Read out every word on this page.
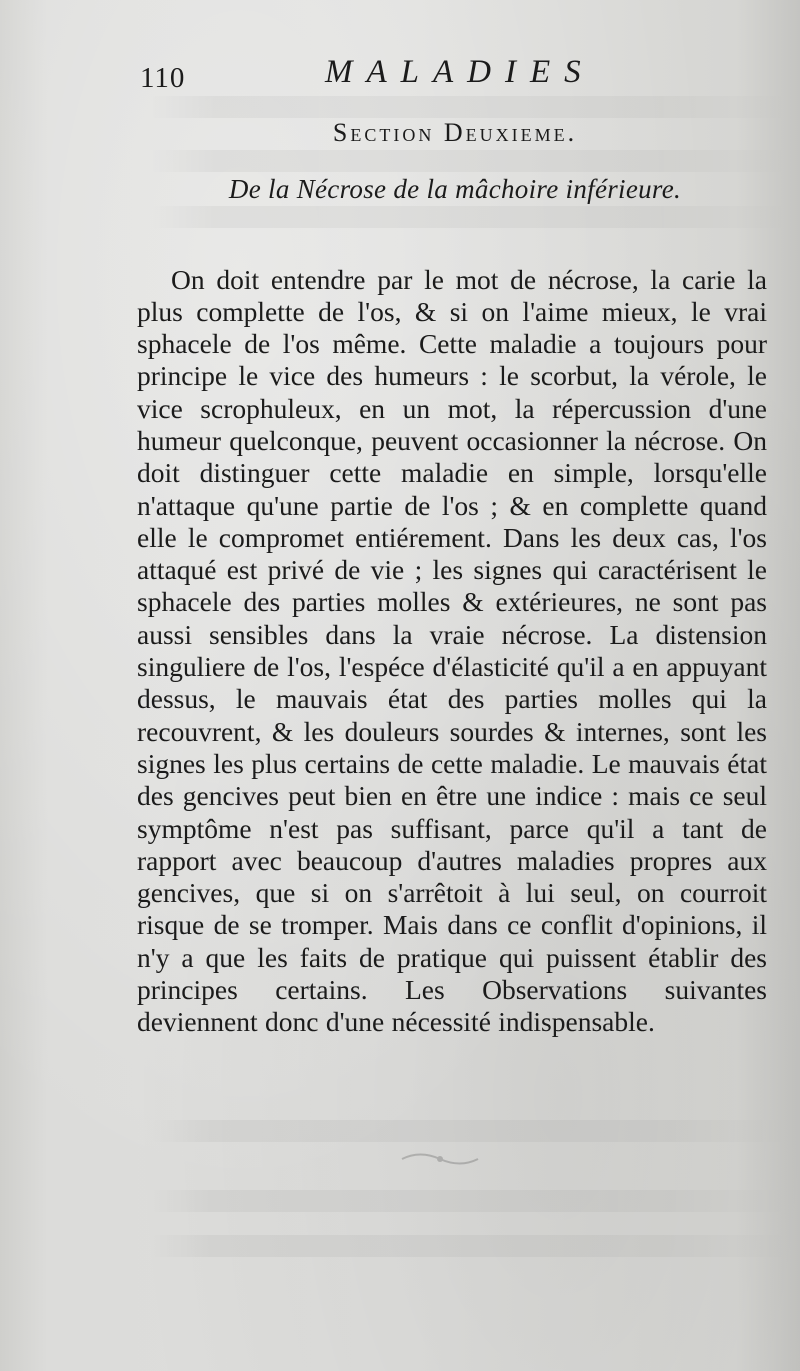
110	MALADIES
Section Deuxieme.
De la Nécrose de la mâchoire inférieure.

On doit entendre par le mot de nécrose, la carie la plus complette de l'os, & si on l'aime mieux, le vrai sphacele de l'os même. Cette maladie a toujours pour principe le vice des humeurs : le scorbut, la vérole, le vice scrophuleux, en un mot, la répercussion d'une humeur quelconque, peuvent occasionner la nécrose. On doit distinguer cette maladie en simple, lorsqu'elle n'attaque qu'une partie de l'os ; & en complette quand elle le compromet entiérement. Dans les deux cas, l'os attaqué est privé de vie ; les signes qui caractérisent le sphacele des parties molles & extérieures, ne sont pas aussi sensibles dans la vraie nécrose. La distension singuliere de l'os, l'espéce d'élasticité qu'il a en appuyant dessus, le mauvais état des parties molles qui la recouvrent, & les douleurs sourdes & internes, sont les signes les plus certains de cette maladie. Le mauvais état des gencives peut bien en être une indice : mais ce seul symptôme n'est pas suffisant, parce qu'il a tant de rapport avec beaucoup d'autres maladies propres aux gencives, que si on s'arrêtoit à lui seul, on courroit risque de se tromper. Mais dans ce conflit d'opinions, il n'y a que les faits de pratique qui puissent établir des principes certains. Les Observations suivantes deviennent donc d'une nécessité indispensable.
